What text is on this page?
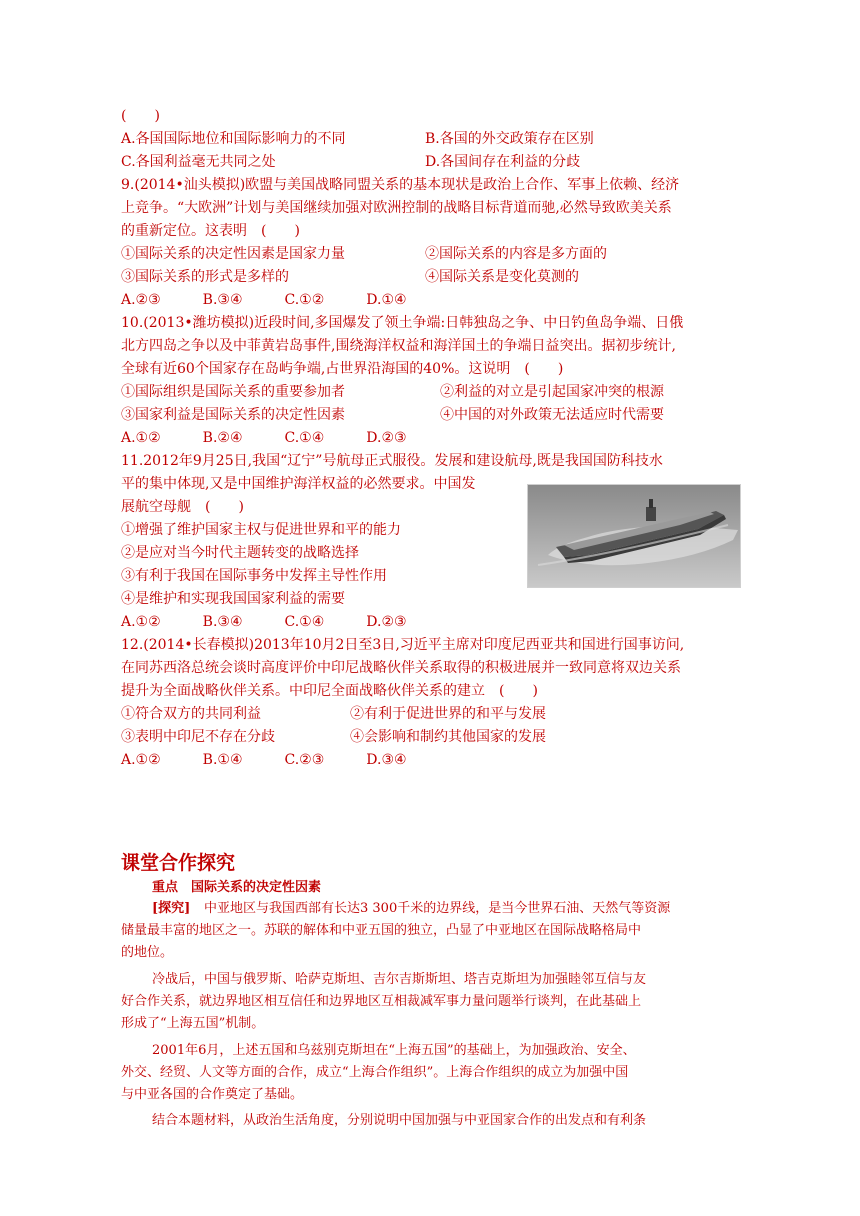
(　　)
A.各国国际地位和国际影响力的不同	B.各国的外交政策存在区别
C.各国利益毫无共同之处	D.各国间存在利益的分歧
9.(2014•汕头模拟)欧盟与美国战略同盟关系的基本现状是政治上合作、军事上依赖、经济
上竞争。“大欧洲”计划与美国继续加强对欧洲控制的战略目标背道而驰,必然导致欧美关系
的重新定位。这表明　(　　)
①国际关系的决定性因素是国家力量	②国际关系的内容是多方面的
③国际关系的形式是多样的	④国际关系是变化莫测的
A.②③　　　B.③④　　　C.①②　　　D.①④
10.(2013•潍坊模拟)近段时间,多国爆发了领土争端:日韩独岛之争、中日钓鱼岛争端、日俄
北方四岛之争以及中菲黄岩岛事件,围绕海洋权益和海洋国土的争端日益突出。据初步统计,
全球有近60个国家存在岛屿争端,占世界沿海国的40%。这说明　(　　)
①国际组织是国际关系的重要参加者	②利益的对立是引起国家冲突的根源
③国家利益是国际关系的决定性因素	④中国的对外政策无法适应时代需要
A.①②　　　B.②④　　　C.①④　　　D.②③
11.2012年9月25日,我国“辽宁”号航母正式服役。发展和建设航母,既是我国国防科技水
平的集中体现,又是中国维护海洋权益的必然要求。中国发
展航空母舰　(　　)
①增强了维护国家主权与促进世界和平的能力
②是应对当今时代主题转变的战略选择
③有利于我国在国际事务中发挥主导性作用
④是维护和实现我国国家利益的需要
A.①②　　　B.③④　　　C.①④　　　D.②③
12.(2014•长春模拟)2013年10月2日至3日,习近平主席对印度尼西亚共和国进行国事访问,
在同苏西洛总统会谈时高度评价中印尼战略伙伴关系取得的积极进展并一致同意将双边关系
提升为全面战略伙伴关系。中印尼全面战略伙伴关系的建立　(　　)
①符合双方的共同利益	②有利于促进世界的和平与发展
③表明中印尼不存在分歧	④会影响和制约其他国家的发展
A.①②　　　B.①④　　　C.②③　　　D.③④
课堂合作探究
重点　国际关系的决定性因素
[探究] 中亚地区与我国西部有长达3 300千米的边界线，是当今世界石油、天然气等资源
储量最丰富的地区之一。苏联的解体和中亚五国的独立，凸显了中亚地区在国际战略格局中
的地位。
冷战后，中国与俄罗斯、哈萨克斯坦、吉尔吉斯斯坦、塔吉克斯坦为加强睦邻互信与友
好合作关系，就边界地区相互信任和边界地区互相裁减军事力量问题举行谈判，在此基础上
形成了“上海五国”机制。
2001年6月，上述五国和乌兹别克斯坦在“上海五国”的基础上，为加强政治、安全、
外交、经贸、人文等方面的合作，成立“上海合作组织”。上海合作组织的成立为加强中国
与中亚各国的合作奠定了基础。
结合本题材料，从政治生活角度，分别说明中国加强与中亚国家合作的出发点和有利条
